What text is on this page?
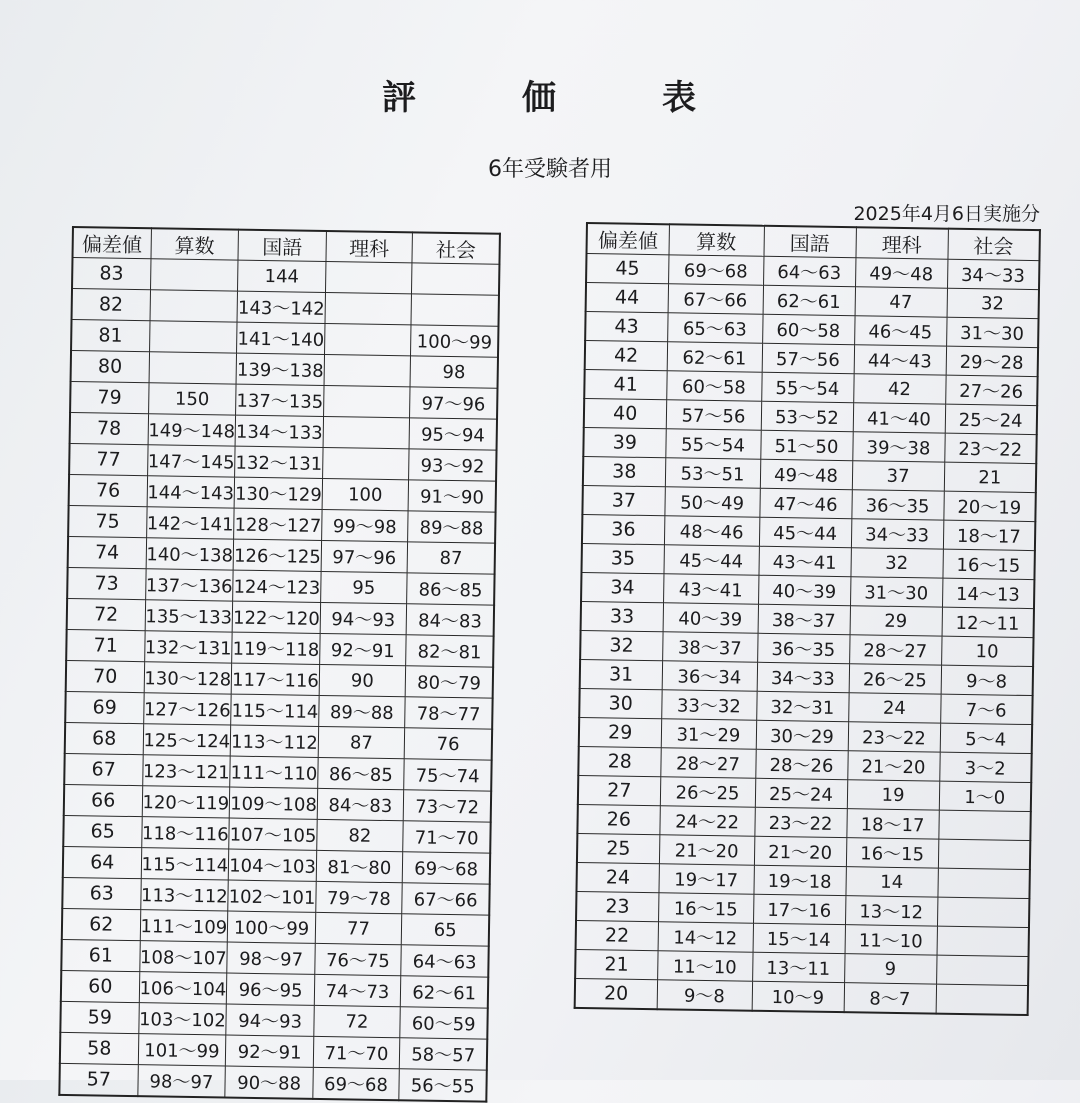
評	価	表
6年受験者用
2025年4月6日実施分
偏差値	算数	国語	理科	社会
83		144		
82		143～142		
81		141～140		100～99
80		139～138		98
79	150	137～135		97～96
78	149～148	134～133		95～94
77	147～145	132～131		93～92
76	144～143	130～129	100	91～90
75	142～141	128～127	99～98	89～88
74	140～138	126～125	97～96	87
73	137～136	124～123	95	86～85
72	135～133	122～120	94～93	84～83
71	132～131	119～118	92～91	82～81
70	130～128	117～116	90	80～79
69	127～126	115～114	89～88	78～77
68	125～124	113～112	87	76
67	123～121	111～110	86～85	75～74
66	120～119	109～108	84～83	73～72
65	118～116	107～105	82	71～70
64	115～114	104～103	81～80	69～68
63	113～112	102～101	79～78	67～66
62	111～109	100～99	77	65
61	108～107	98～97	76～75	64～63
60	106～104	96～95	74～73	62～61
59	103～102	94～93	72	60～59
58	101～99	92～91	71～70	58～57
57	98～97	90～88	69～68	56～55
偏差値	算数	国語	理科	社会
45	69～68	64～63	49～48	34～33
44	67～66	62～61	47	32
43	65～63	60～58	46～45	31～30
42	62～61	57～56	44～43	29～28
41	60～58	55～54	42	27～26
40	57～56	53～52	41～40	25～24
39	55～54	51～50	39～38	23～22
38	53～51	49～48	37	21
37	50～49	47～46	36～35	20～19
36	48～46	45～44	34～33	18～17
35	45～44	43～41	32	16～15
34	43～41	40～39	31～30	14～13
33	40～39	38～37	29	12～11
32	38～37	36～35	28～27	10
31	36～34	34～33	26～25	9～8
30	33～32	32～31	24	7～6
29	31～29	30～29	23～22	5～4
28	28～27	28～26	21～20	3～2
27	26～25	25～24	19	1～0
26	24～22	23～22	18～17	
25	21～20	21～20	16～15	
24	19～17	19～18	14	
23	16～15	17～16	13～12	
22	14～12	15～14	11～10	
21	11～10	13～11	9	
20	9～8	10～9	8～7	
